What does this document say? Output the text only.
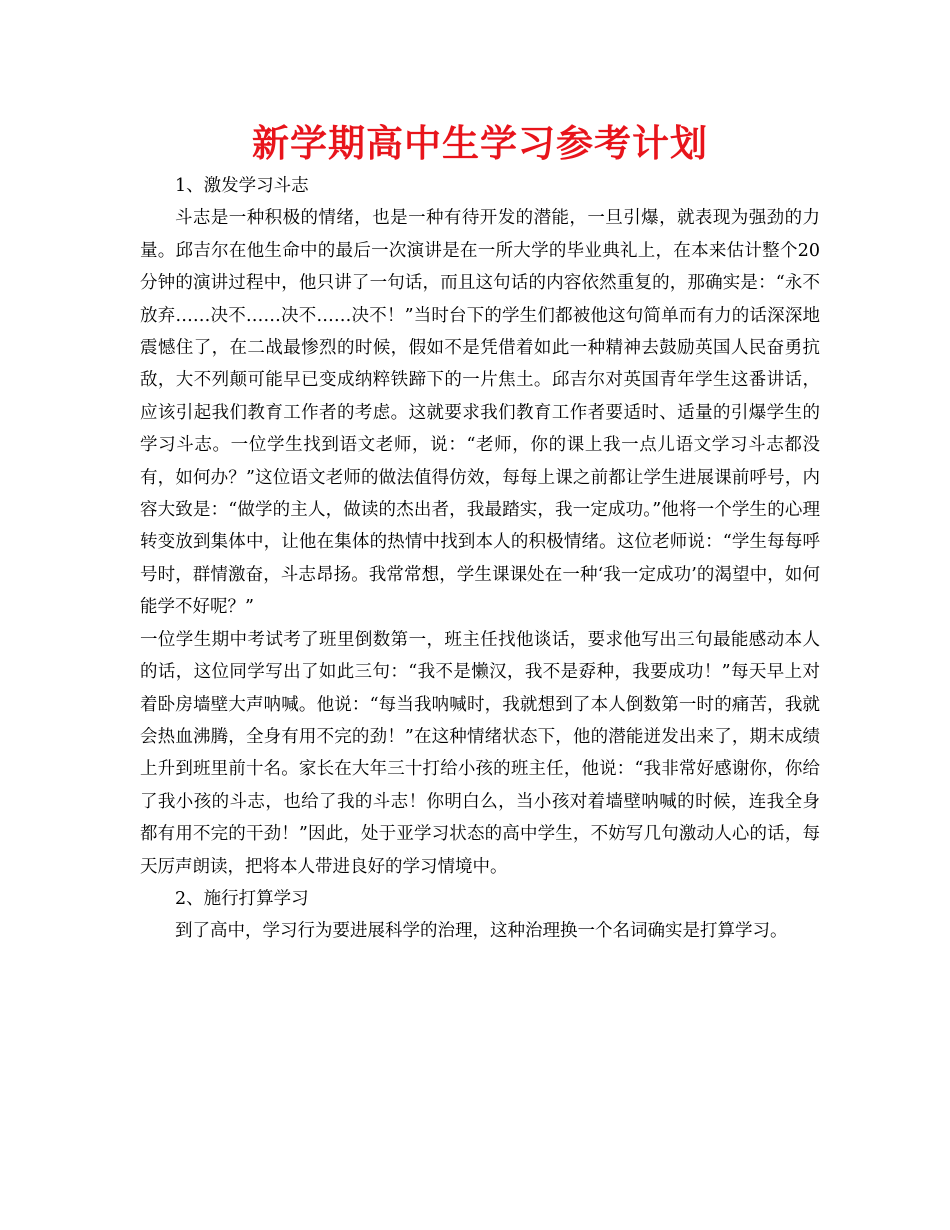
新学期高中生学习参考计划

1、激发学习斗志

斗志是一种积极的情绪，也是一种有待开发的潜能，一旦引爆，就表现为强劲的力量。邱吉尔在他生命中的最后一次演讲是在一所大学的毕业典礼上，在本来估计整个20分钟的演讲过程中，他只讲了一句话，而且这句话的内容依然重复的，那确实是：“永不放弃……决不……决不……决不！”当时台下的学生们都被他这句简单而有力的话深深地震憾住了，在二战最惨烈的时候，假如不是凭借着如此一种精神去鼓励英国人民奋勇抗敌，大不列颠可能早已变成纳粹铁蹄下的一片焦土。邱吉尔对英国青年学生这番讲话，应该引起我们教育工作者的考虑。这就要求我们教育工作者要适时、适量的引爆学生的学习斗志。一位学生找到语文老师，说：“老师，你的课上我一点儿语文学习斗志都没有，如何办？”这位语文老师的做法值得仿效，每每上课之前都让学生进展课前呼号，内容大致是：“做学的主人，做读的杰出者，我最踏实，我一定成功。”他将一个学生的心理转变放到集体中，让他在集体的热情中找到本人的积极情绪。这位老师说：“学生每每呼号时，群情激奋，斗志昂扬。我常常想，学生课课处在一种‘我一定成功’的渴望中，如何能学不好呢？”

一位学生期中考试考了班里倒数第一，班主任找他谈话，要求他写出三句最能感动本人的话，这位同学写出了如此三句：“我不是懒汉，我不是孬种，我要成功！”每天早上对着卧房墙壁大声呐喊。他说：“每当我呐喊时，我就想到了本人倒数第一时的痛苦，我就会热血沸腾，全身有用不完的劲！”在这种情绪状态下，他的潜能迸发出来了，期末成绩上升到班里前十名。家长在大年三十打给小孩的班主任，他说：“我非常好感谢你，你给了我小孩的斗志，也给了我的斗志！你明白么，当小孩对着墙壁呐喊的时候，连我全身都有用不完的干劲！”因此，处于亚学习状态的高中学生，不妨写几句激动人心的话，每天厉声朗读，把将本人带进良好的学习情境中。

2、施行打算学习

到了高中，学习行为要进展科学的治理，这种治理换一个名词确实是打算学习。
